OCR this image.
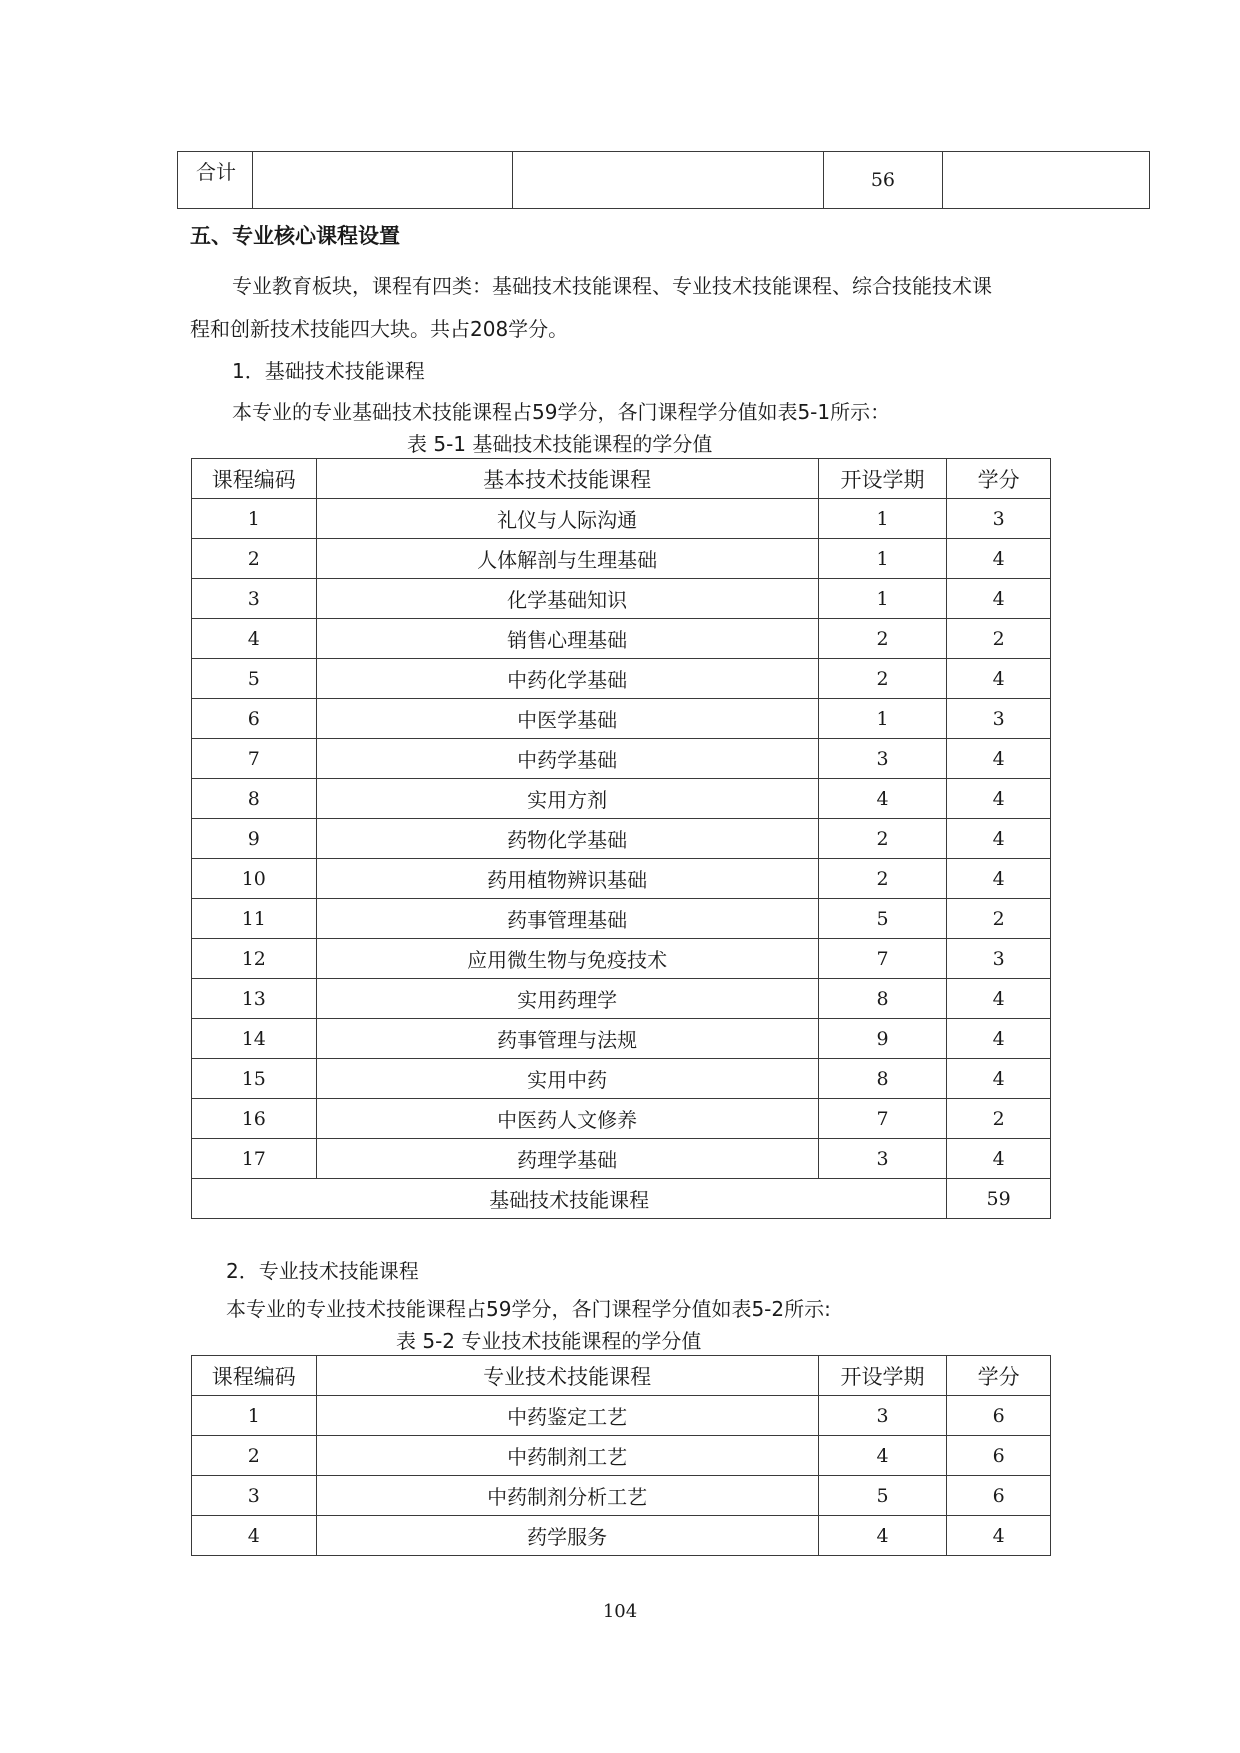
合计			56	
五、专业核心课程设置
专业教育板块，课程有四类：基础技术技能课程、专业技术技能课程、综合技能技术课
程和创新技术技能四大块。共占208学分。
1．基础技术技能课程
本专业的专业基础技术技能课程占59学分，各门课程学分值如表5-1所示：
表 5-1 基础技术技能课程的学分值
课程编码	基本技术技能课程	开设学期	学分
1	礼仪与人际沟通	1	3
2	人体解剖与生理基础	1	4
3	化学基础知识	1	4
4	销售心理基础	2	2
5	中药化学基础	2	4
6	中医学基础	1	3
7	中药学基础	3	4
8	实用方剂	4	4
9	药物化学基础	2	4
10	药用植物辨识基础	2	4
11	药事管理基础	5	2
12	应用微生物与免疫技术	7	3
13	实用药理学	8	4
14	药事管理与法规	9	4
15	实用中药	8	4
16	中医药人文修养	7	2
17	药理学基础	3	4
基础技术技能课程			59
2．专业技术技能课程
本专业的专业技术技能课程占59学分，各门课程学分值如表5-2所示:
表 5-2 专业技术技能课程的学分值
课程编码	专业技术技能课程	开设学期	学分
1	中药鉴定工艺	3	6
2	中药制剂工艺	4	6
3	中药制剂分析工艺	5	6
4	药学服务	4	4
104
